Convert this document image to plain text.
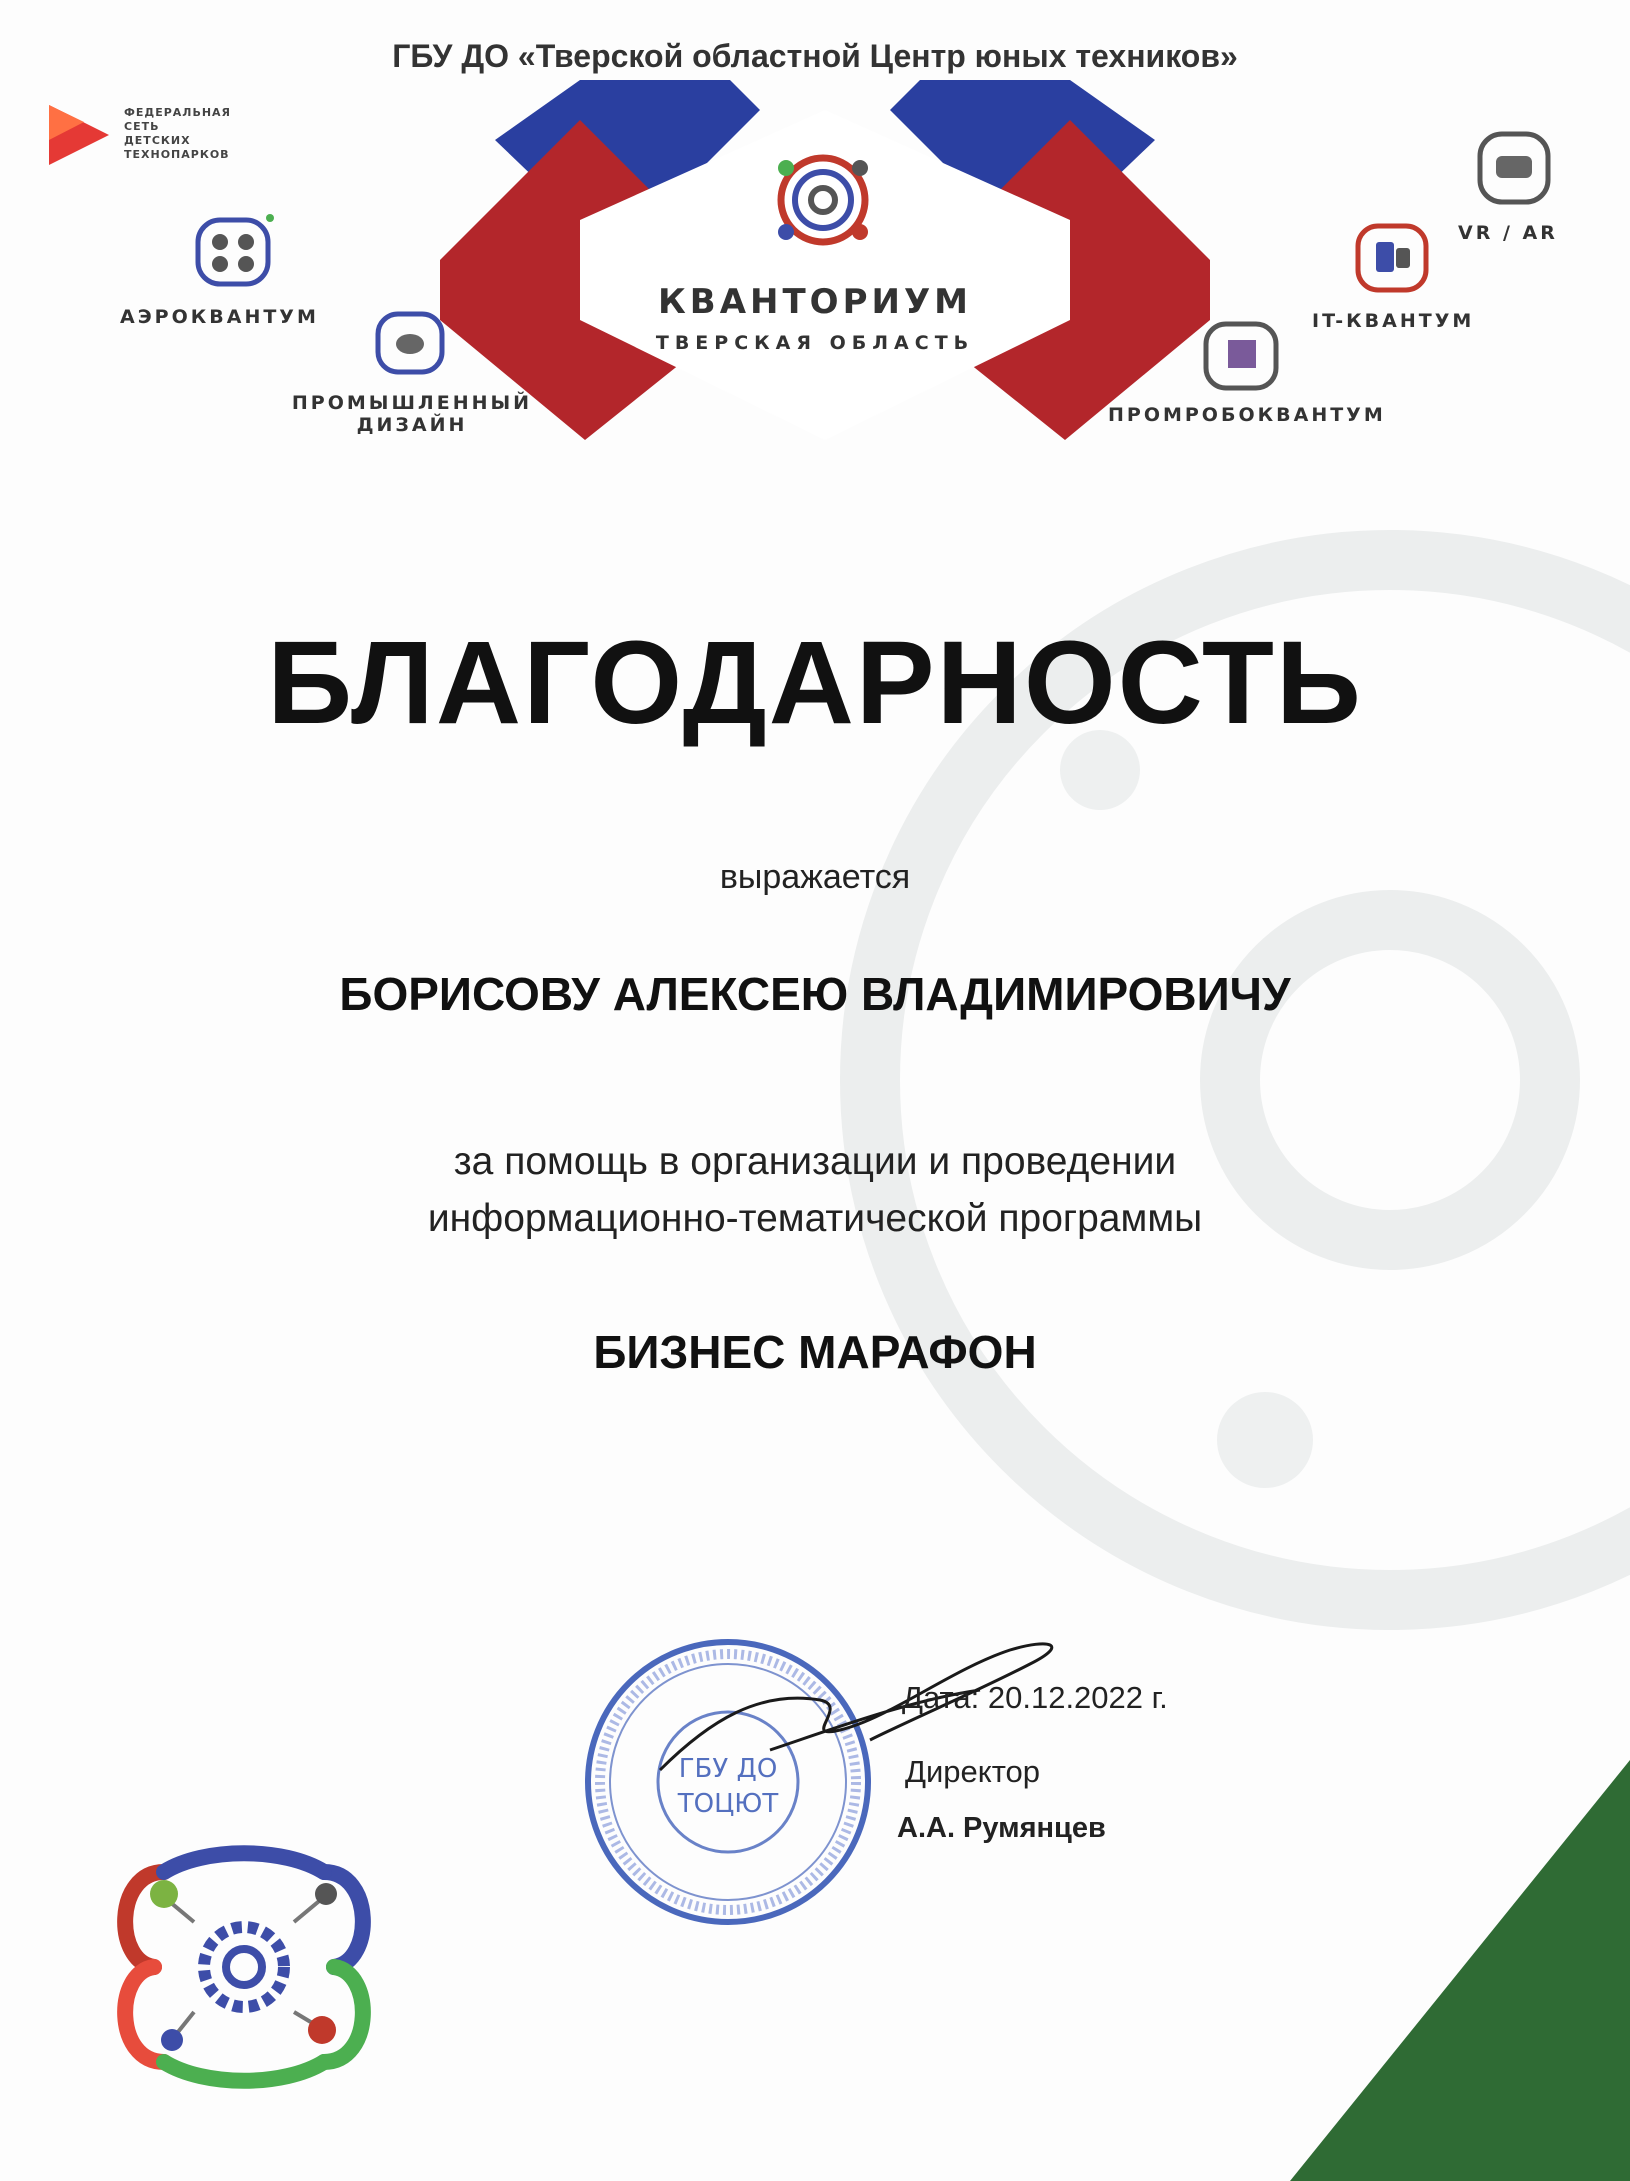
ГБУ ДО «Тверской областной Центр юных техников»
КВАНТОРИУМ
ТВЕРСКАЯ ОБЛАСТЬ
ФЕДЕРАЛЬНАЯ
СЕТЬ
ДЕТСКИХ
ТЕХНОПАРКОВ
АЭРОКВАНТУМ
ПРОМЫШЛЕННЫЙ
ДИЗАЙН	ПРОМРОБОКВАНТУМ
IT-КВАНТУМ
VR / AR
БЛАГОДАРНОСТЬ
выражается
БОРИСОВУ АЛЕКСЕЮ ВЛАДИМИРОВИЧУ
за помощь в организации и проведении
информационно-тематической программы
БИЗНЕС МАРАФОН
ГБУ ДО
ТОЦЮТ
Дата: 20.12.2022 г.
Директор
А.А. Румянцев
